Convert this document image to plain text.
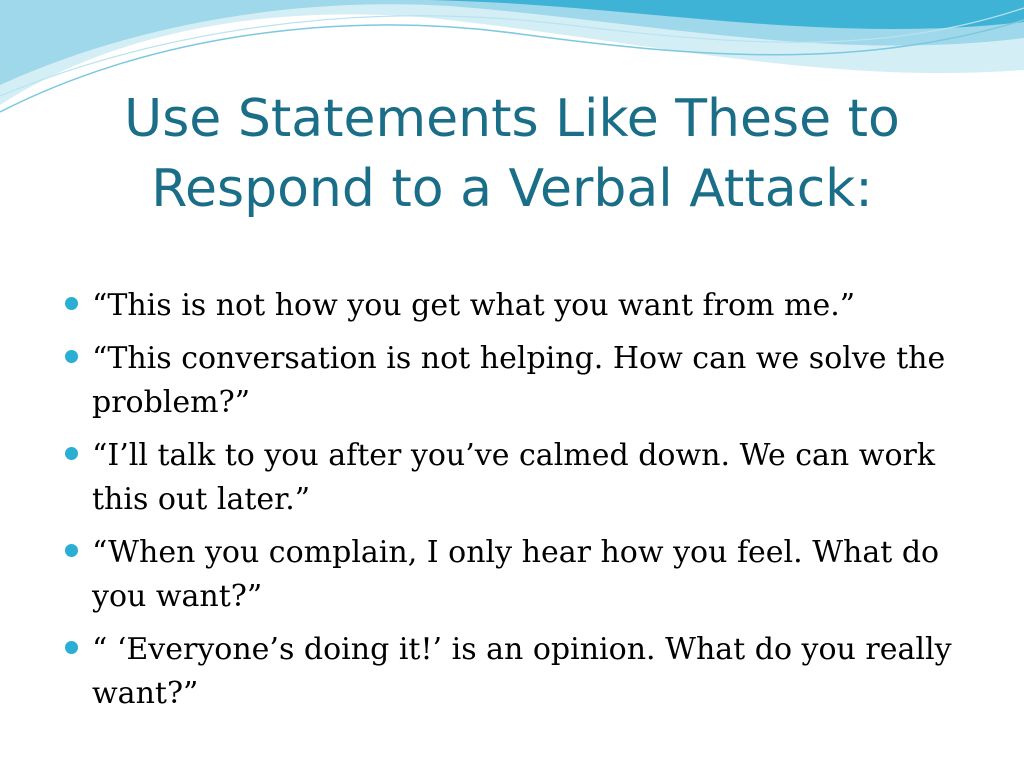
Use Statements Like These to Respond to a Verbal Attack:
“This is not how you get what you want from me.”
“This conversation is not helping. How can we solve the problem?”
“I’ll talk to you after you’ve calmed down. We can work this out later.”
“When you complain, I only hear how you feel. What do you want?”
“ ‘Everyone’s doing it!’ is an opinion. What do you really want?”
